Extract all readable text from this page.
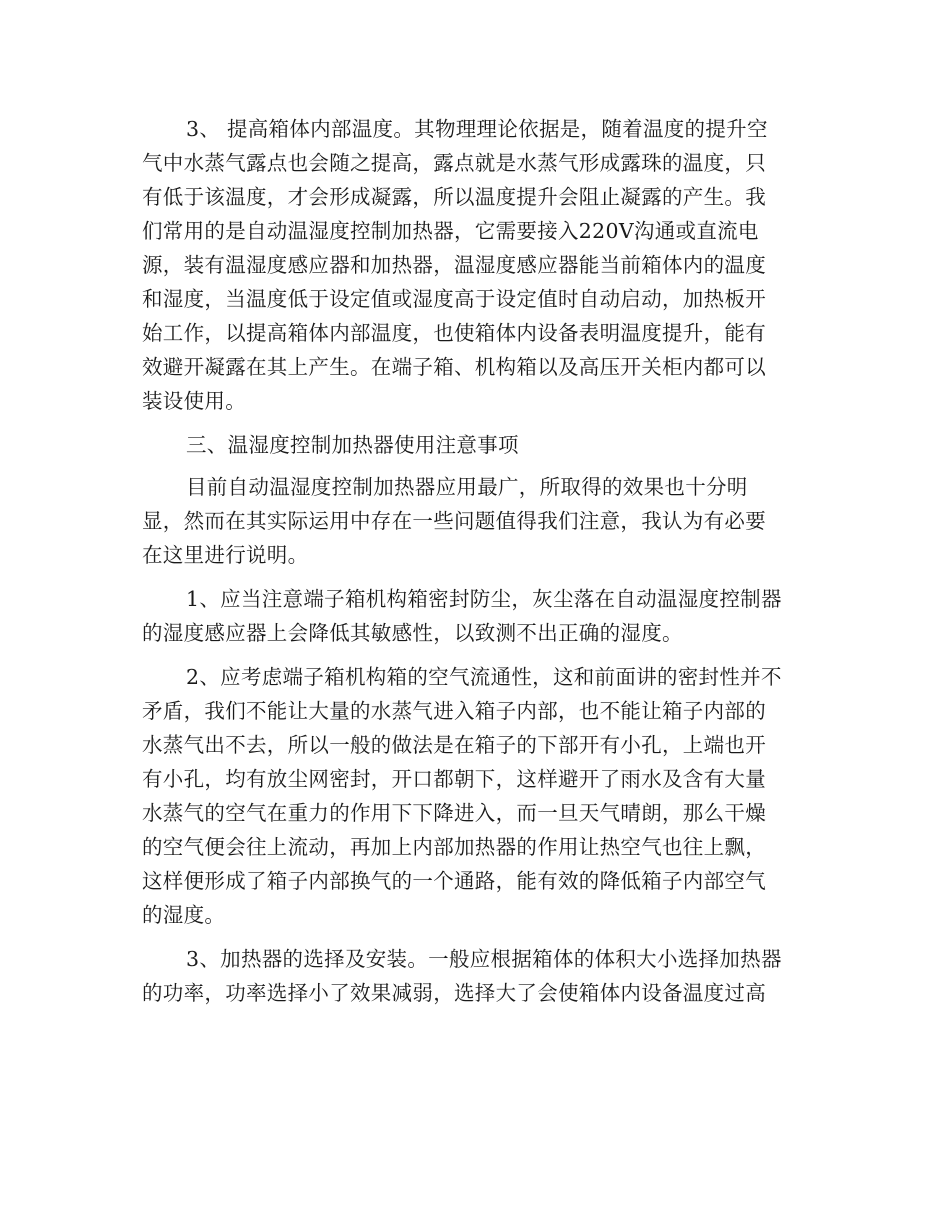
3、 提高箱体内部温度。其物理理论依据是，随着温度的提升空
气中水蒸气露点也会随之提高，露点就是水蒸气形成露珠的温度，只
有低于该温度，才会形成凝露，所以温度提升会阻止凝露的产生。我
们常用的是自动温湿度控制加热器，它需要接入220V沟通或直流电
源，装有温湿度感应器和加热器，温湿度感应器能当前箱体内的温度
和湿度，当温度低于设定值或湿度高于设定值时自动启动，加热板开
始工作，以提高箱体内部温度，也使箱体内设备表明温度提升，能有
效避开凝露在其上产生。在端子箱、机构箱以及高压开关柜内都可以
装设使用。
三、温湿度控制加热器使用注意事项
目前自动温湿度控制加热器应用最广，所取得的效果也十分明
显，然而在其实际运用中存在一些问题值得我们注意，我认为有必要
在这里进行说明。
1、应当注意端子箱机构箱密封防尘，灰尘落在自动温湿度控制器
的湿度感应器上会降低其敏感性，以致测不出正确的湿度。
2、应考虑端子箱机构箱的空气流通性，这和前面讲的密封性并不
矛盾，我们不能让大量的水蒸气进入箱子内部，也不能让箱子内部的
水蒸气出不去，所以一般的做法是在箱子的下部开有小孔，上端也开
有小孔，均有放尘网密封，开口都朝下，这样避开了雨水及含有大量
水蒸气的空气在重力的作用下下降进入，而一旦天气晴朗，那么干燥
的空气便会往上流动，再加上内部加热器的作用让热空气也往上飘，
这样便形成了箱子内部换气的一个通路，能有效的降低箱子内部空气
的湿度。
3、加热器的选择及安装。一般应根据箱体的体积大小选择加热器
的功率，功率选择小了效果减弱，选择大了会使箱体内设备温度过高
